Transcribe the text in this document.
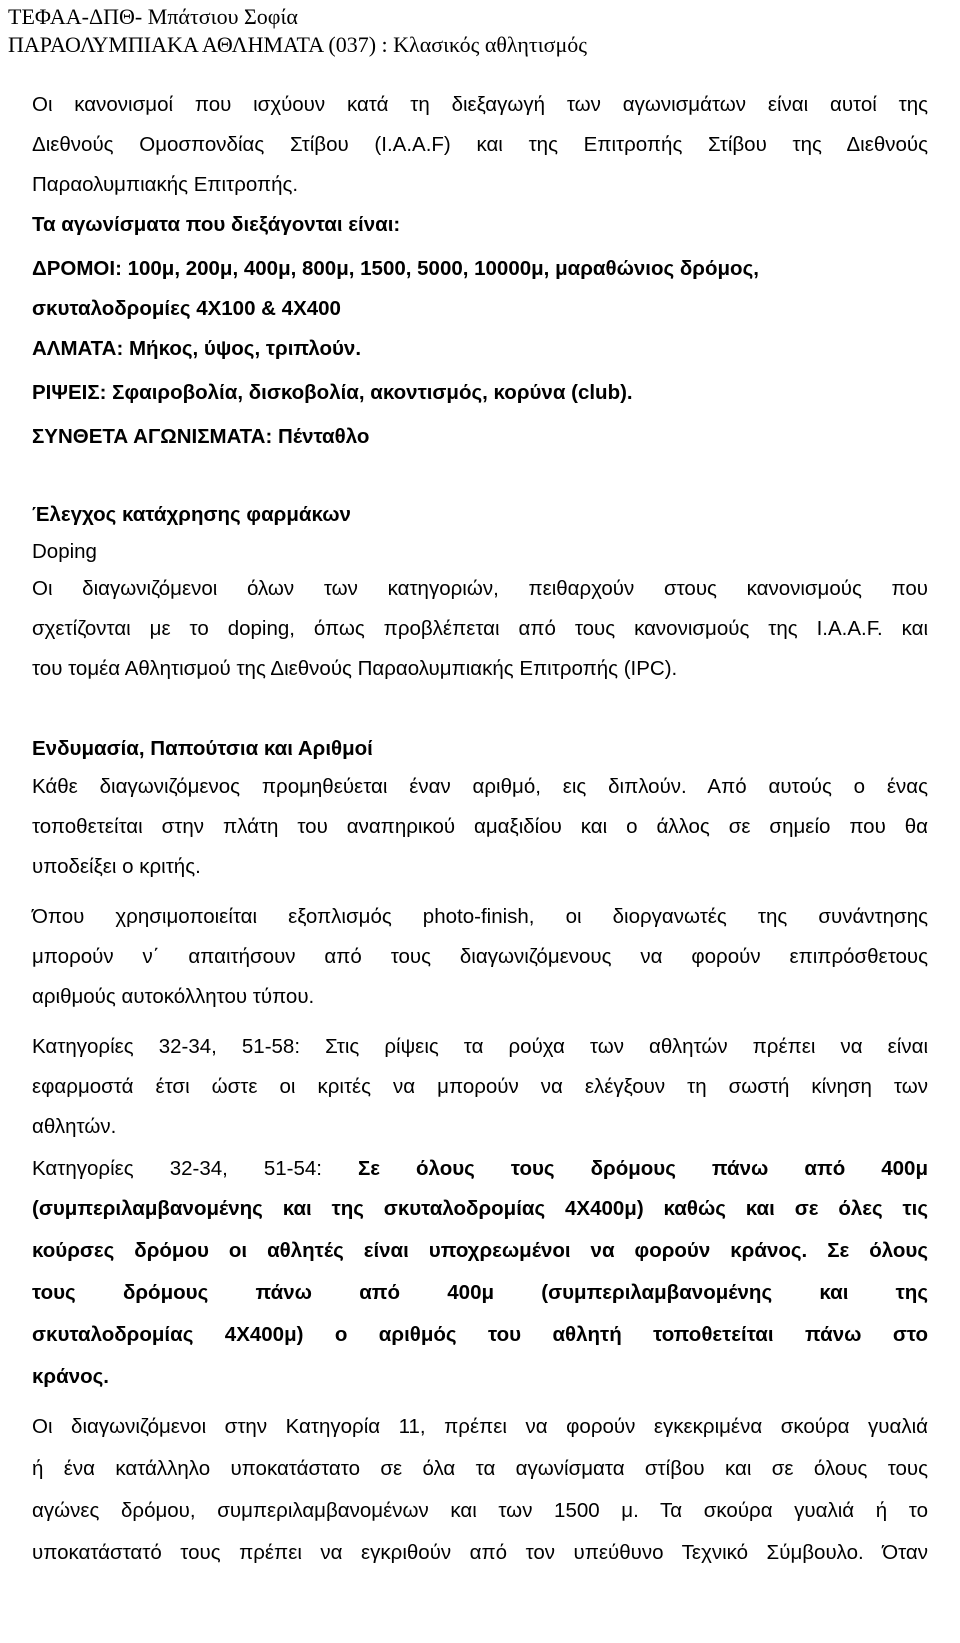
ΤΕΦΑΑ-ΔΠΘ- Μπάτσιου Σοφία
ΠΑΡΑΟΛΥΜΠΙΑΚΑ ΑΘΛΗΜΑΤΑ (037) : Κλασικός αθλητισμός
Οι κανονισμοί που ισχύουν κατά τη διεξαγωγή των αγωνισμάτων είναι αυτοί της
Διεθνούς Ομοσπονδίας Στίβου (I.A.A.F) και της Επιτροπής Στίβου της Διεθνούς
Παραολυμπιακής Επιτροπής.
Τα αγωνίσματα που διεξάγονται είναι:
ΔΡΟΜΟΙ: 100μ, 200μ, 400μ, 800μ, 1500, 5000, 10000μ, μαραθώνιος δρόμος,
σκυταλοδρομίες 4Χ100 & 4Χ400
ΑΛΜΑΤΑ: Μήκος, ύψος, τριπλούν.
ΡΙΨΕΙΣ: Σφαιροβολία, δισκοβολία, ακοντισμός, κορύνα (club).
ΣΥΝΘΕΤΑ ΑΓΩΝΙΣΜΑΤΑ: Πένταθλο
Έλεγχος κατάχρησης φαρμάκων
Doping
Οι διαγωνιζόμενοι όλων των κατηγοριών, πειθαρχούν στους κανονισμούς που
σχετίζονται με το doping, όπως προβλέπεται από τους κανονισμούς της I.A.A.F. και
του τομέα Αθλητισμού της Διεθνούς Παραολυμπιακής Επιτροπής (IPC).
Ενδυμασία, Παπούτσια και Αριθμοί
Κάθε διαγωνιζόμενος προμηθεύεται έναν αριθμό, εις διπλούν. Από αυτούς ο ένας
τοποθετείται στην πλάτη του αναπηρικού αμαξιδίου και ο άλλος σε σημείο που θα
υποδείξει ο κριτής.
Όπου χρησιμοποιείται εξοπλισμός photo-finish, οι διοργανωτές της συνάντησης
μπορούν ν΄ απαιτήσουν από τους διαγωνιζόμενους να φορούν επιπρόσθετους
αριθμούς αυτοκόλλητου τύπου.
Κατηγορίες 32-34, 51-58: Στις ρίψεις τα ρούχα των αθλητών πρέπει να είναι
εφαρμοστά έτσι ώστε οι κριτές να μπορούν να ελέγξουν τη σωστή κίνηση των
αθλητών.
Κατηγορίες 32-34, 51-54: Σε όλους τους δρόμους πάνω από 400μ
(συμπεριλαμβανομένης και της σκυταλοδρομίας 4Χ400μ) καθώς και σε όλες τις
κούρσες δρόμου οι αθλητές είναι υποχρεωμένοι να φορούν κράνος. Σε όλους
τους δρόμους πάνω από 400μ (συμπεριλαμβανομένης και της
σκυταλοδρομίας 4Χ400μ) ο αριθμός του αθλητή τοποθετείται πάνω στο
κράνος.
Οι διαγωνιζόμενοι στην Κατηγορία 11, πρέπει να φορούν εγκεκριμένα σκούρα γυαλιά
ή ένα κατάλληλο υποκατάστατο σε όλα τα αγωνίσματα στίβου και σε όλους τους
αγώνες δρόμου, συμπεριλαμβανομένων και των 1500 μ. Τα σκούρα γυαλιά ή το
υποκατάστατό τους πρέπει να εγκριθούν από τον υπεύθυνο Τεχνικό Σύμβουλο. Όταν
